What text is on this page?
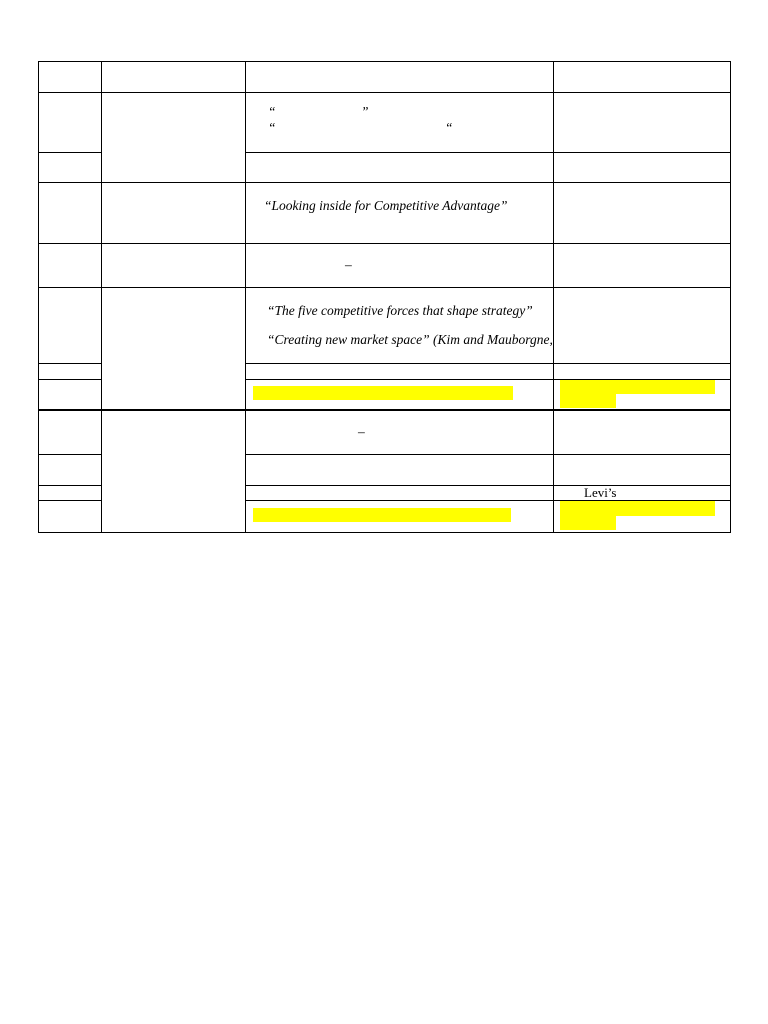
“	”
“	“
“Looking inside for Competitive Advantage”
–
“The five competitive forces that shape strategy”
“Creating new market space” (Kim and Mauborgne,
–
Levi’s
